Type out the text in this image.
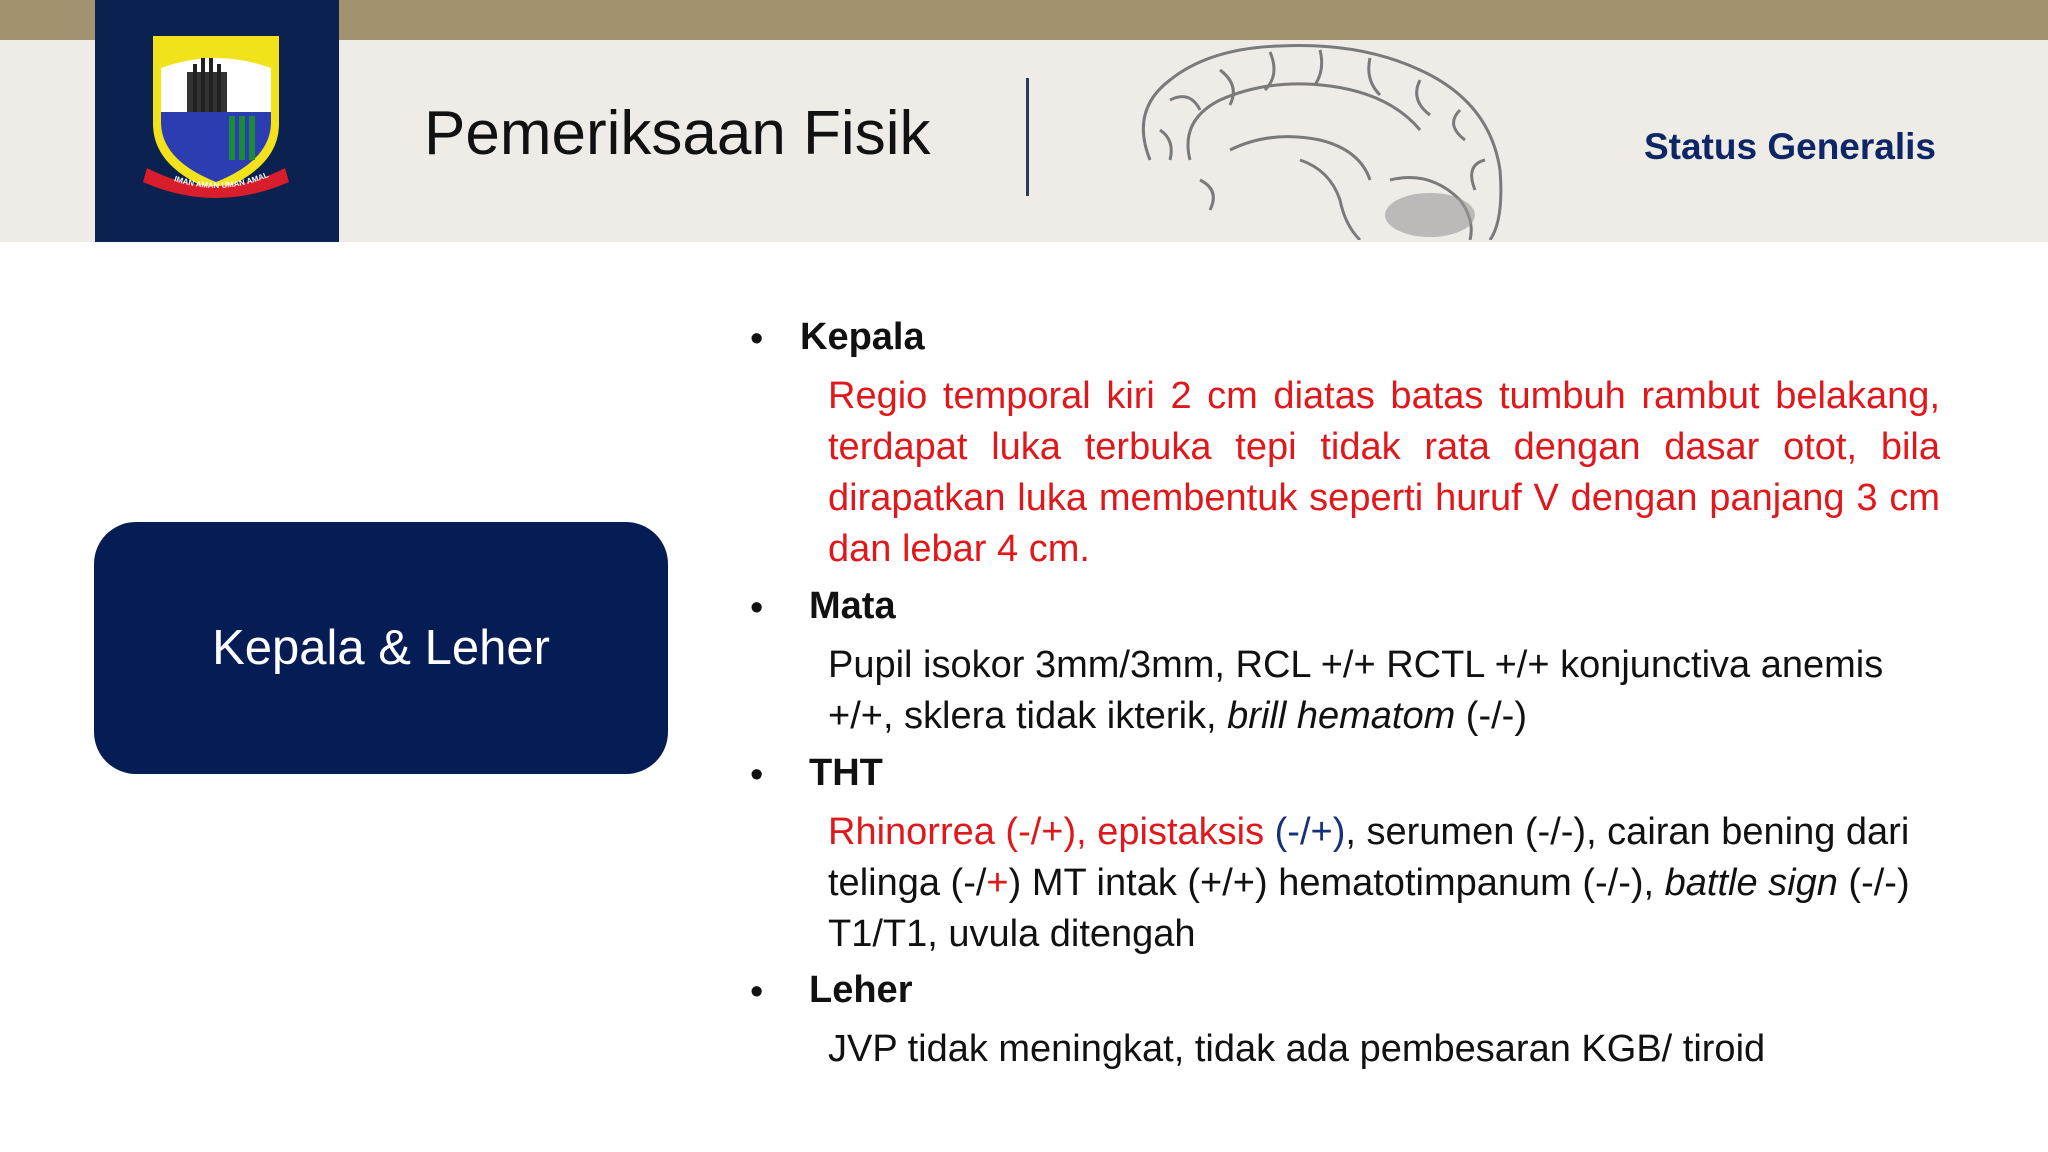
IMAN AMAN UMAN AMAL
Pemeriksaan Fisik	Status Generalis
Kepala & Leher
• Kepala
Regio temporal kiri 2 cm diatas batas tumbuh rambut belakang, terdapat luka terbuka tepi tidak rata dengan dasar otot, bila dirapatkan luka membentuk seperti huruf V dengan panjang 3 cm dan lebar 4 cm.
• Mata
Pupil isokor 3mm/3mm, RCL +/+ RCTL +/+ konjunctiva anemis +/+, sklera tidak ikterik, brill hematom (-/-)
• THT
Rhinorrea (-/+), epistaksis (-/+), serumen (-/-), cairan bening dari telinga (-/+) MT intak (+/+) hematotimpanum (-/-), battle sign (-/-) T1/T1, uvula ditengah
• Leher
JVP tidak meningkat, tidak ada pembesaran KGB/ tiroid
